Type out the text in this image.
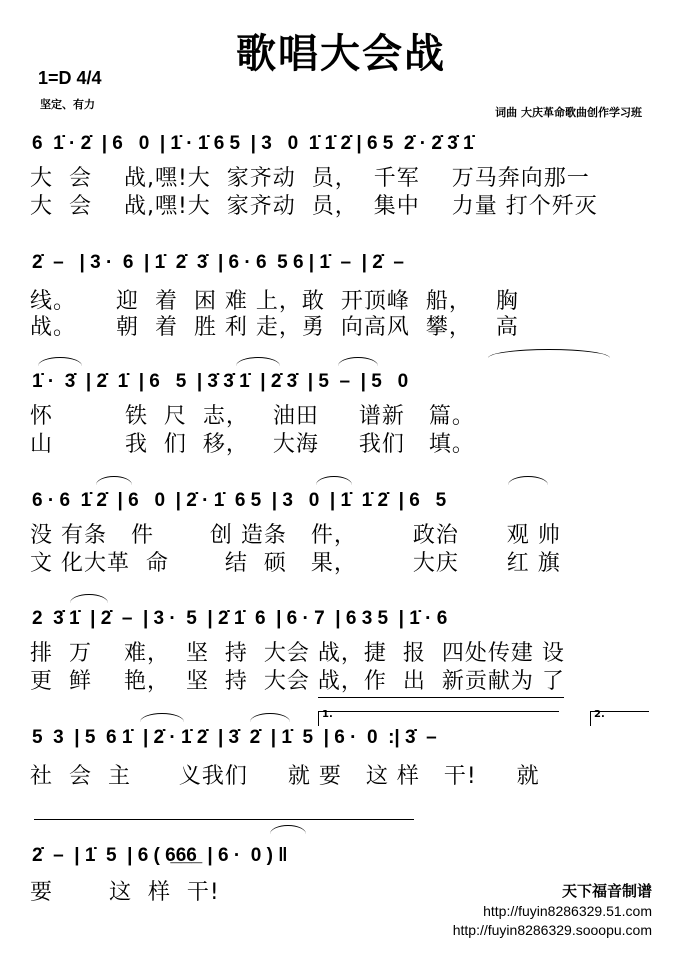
歌唱大会战
1=D 4/4
坚定、有力
词曲 大庆革命歌曲创作学习班
6  1̇ · 2̇  | 6   0  | 1̇ · 1̇ 6 5  | 3   0  1̇ 1̇ 2̇ | 6 5  2̇ · 2̇ 3̇ 1̇
大  会    战,嘿!大  家齐动  员，  千军    万马奔向那一
大  会    战,嘿!大  家齐动  员，  集中    力量 打个歼灭
2̇  –   | 3 ·  6  | 1̇  2̇  3̇  | 6 · 6  5 6 | 1̇  –  | 2̇  –
线。     迎  着  困 难 上，敢  开顶峰  船，   胸
战。     朝  着  胜 利 走，勇  向高风  攀，   高
1̇ ·  3̇  | 2̇  1̇  | 6   5  | 3̇ 3̇ 1̇  | 2̇ 3̇  | 5  –  | 5   0
怀         铁  尺  志，   油田     谱新   篇。
山         我  们  移，   大海     我们   填。
6 · 6  1̇ 2̇  | 6   0  | 2̇ · 1̇  6 5  | 3   0  | 1̇  1̇ 2̇  | 6   5
没 有条   件       创 造条   件，       政治      观 帅
文 化大革  命       结  硕   果，       大庆      红 旗
2  3̇ 1̇  | 2̇  –  | 3 ·  5  | 2̇ 1̇  6  | 6 · 7  | 6 3 5  | 1̇ · 6
排  万    难，  坚  持  大会 战，捷  报  四处传建 设
更  鲜    艳，  坚  持  大会 战，作  出  新贡献为 了
1.	2.
5  3  | 5  6 1̇  | 2̇ · 1̇ 2̇  | 3̇  2̇  | 1̇  5  | 6 ·  0  :| 3̇  –
社  会  主      义我们     就 要   这 样   干!     就
2̇  –  | 1̇  5  | 6 ( 6̲6̲6̲  | 6 ·  0 ) ‖
要       这  样  干!	天下福音制谱
http://fuyin8286329.51.com
http://fuyin8286329.sooopu.com
